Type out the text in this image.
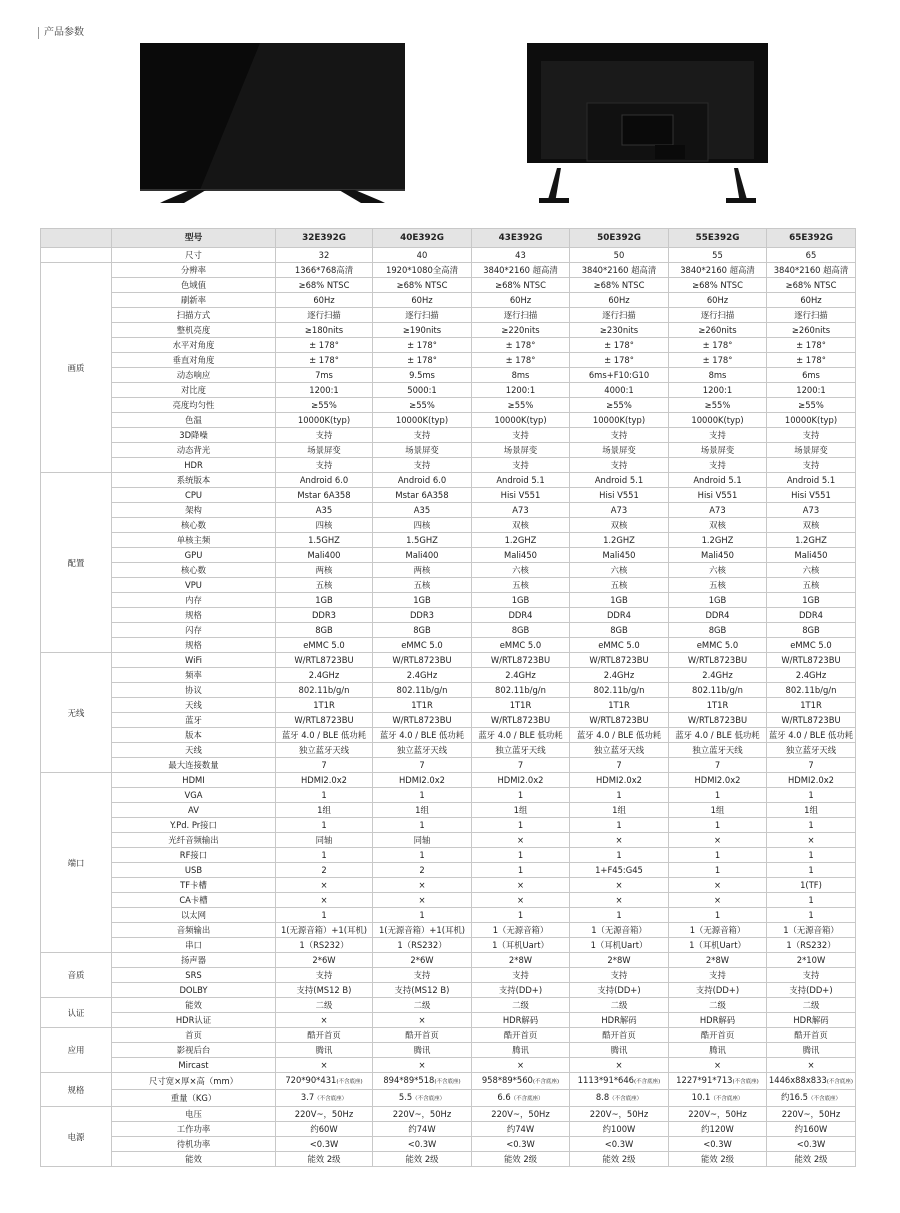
产品参数
	型号	32E392G	40E392G	43E392G	50E392G	55E392G	65E392G
	尺寸	32	40	43	50	55	65
画质	分辨率	1366*768高清	1920*1080全高清	3840*2160 超高清	3840*2160 超高清	3840*2160 超高清	3840*2160 超高清
	色域值	≥68% NTSC	≥68% NTSC	≥68% NTSC	≥68% NTSC	≥68% NTSC	≥68% NTSC
	刷新率	60Hz	60Hz	60Hz	60Hz	60Hz	60Hz
	扫描方式	逐行扫描	逐行扫描	逐行扫描	逐行扫描	逐行扫描	逐行扫描
	整机亮度	≥180nits	≥190nits	≥220nits	≥230nits	≥260nits	≥260nits
	水平对角度	± 178°	± 178°	± 178°	± 178°	± 178°	± 178°
	垂直对角度	± 178°	± 178°	± 178°	± 178°	± 178°	± 178°
	动态响应	7ms	9.5ms	8ms	6ms+F10:G10	8ms	6ms
	对比度	1200:1	5000:1	1200:1	4000:1	1200:1	1200:1
	亮度均匀性	≥55%	≥55%	≥55%	≥55%	≥55%	≥55%
	色温	10000K(typ)	10000K(typ)	10000K(typ)	10000K(typ)	10000K(typ)	10000K(typ)
	3D降噪	支持	支持	支持	支持	支持	支持
	动态背光	场景屏变	场景屏变	场景屏变	场景屏变	场景屏变	场景屏变
	HDR	支持	支持	支持	支持	支持	支持
配置	系统版本	Android 6.0	Android 6.0	Android 5.1	Android 5.1	Android 5.1	Android 5.1
	CPU	Mstar 6A358	Mstar 6A358	Hisi V551	Hisi V551	Hisi V551	Hisi V551
	架构	A35	A35	A73	A73	A73	A73
	核心数	四核	四核	双核	双核	双核	双核
	单核主频	1.5GHZ	1.5GHZ	1.2GHZ	1.2GHZ	1.2GHZ	1.2GHZ
	GPU	Mali400	Mali400	Mali450	Mali450	Mali450	Mali450
	核心数	两核	两核	六核	六核	六核	六核
	VPU	五核	五核	五核	五核	五核	五核
	内存	1GB	1GB	1GB	1GB	1GB	1GB
	规格	DDR3	DDR3	DDR4	DDR4	DDR4	DDR4
	闪存	8GB	8GB	8GB	8GB	8GB	8GB
	规格	eMMC 5.0	eMMC 5.0	eMMC 5.0	eMMC 5.0	eMMC 5.0	eMMC 5.0
无线	WiFi	W/RTL8723BU	W/RTL8723BU	W/RTL8723BU	W/RTL8723BU	W/RTL8723BU	W/RTL8723BU
	频率	2.4GHz	2.4GHz	2.4GHz	2.4GHz	2.4GHz	2.4GHz
	协议	802.11b/g/n	802.11b/g/n	802.11b/g/n	802.11b/g/n	802.11b/g/n	802.11b/g/n
	天线	1T1R	1T1R	1T1R	1T1R	1T1R	1T1R
	蓝牙	W/RTL8723BU	W/RTL8723BU	W/RTL8723BU	W/RTL8723BU	W/RTL8723BU	W/RTL8723BU
	版本	蓝牙 4.0 / BLE 低功耗	蓝牙 4.0 / BLE 低功耗	蓝牙 4.0 / BLE 低功耗	蓝牙 4.0 / BLE 低功耗	蓝牙 4.0 / BLE 低功耗	蓝牙 4.0 / BLE 低功耗
	天线	独立蓝牙天线	独立蓝牙天线	独立蓝牙天线	独立蓝牙天线	独立蓝牙天线	独立蓝牙天线
	最大连接数量	7	7	7	7	7	7
端口	HDMI	HDMI2.0x2	HDMI2.0x2	HDMI2.0x2	HDMI2.0x2	HDMI2.0x2	HDMI2.0x2
	VGA	1	1	1	1	1	1
	AV	1组	1组	1组	1组	1组	1组
	Y.Pd. Pr接口	1	1	1	1	1	1
	光纤音频输出	同轴	同轴	×	×	×	×
	RF接口	1	1	1	1	1	1
	USB	2	2	1	1+F45:G45	1	1
	TF卡槽	×	×	×	×	×	1(TF)
	CA卡槽	×	×	×	×	×	1
	以太网	1	1	1	1	1	1
	音频输出	1(无源音箱）+1(耳机)	1(无源音箱）+1(耳机)	1（无源音箱）	1（无源音箱）	1（无源音箱）	1（无源音箱）
	串口	1（RS232）	1（RS232）	1（耳机Uart）	1（耳机Uart）	1（耳机Uart）	1（RS232）
音质	扬声器	2*6W	2*6W	2*8W	2*8W	2*8W	2*10W
	SRS	支持	支持	支持	支持	支持	支持
	DOLBY	支持(MS12 B)	支持(MS12 B)	支持(DD+)	支持(DD+)	支持(DD+)	支持(DD+)
认证	能效	二级	二级	二级	二级	二级	二级
	HDR认证	×	×	HDR解码	HDR解码	HDR解码	HDR解码
应用	首页	酷开首页	酷开首页	酷开首页	酷开首页	酷开首页	酷开首页
	影视后台	腾讯	腾讯	腾讯	腾讯	腾讯	腾讯
	Mircast	×	×	×	×	×	×
规格	尺寸宽×厚×高（mm）	720*90*431(不含底座)	894*89*518(不含底座)	958*89*560(不含底座)	1113*91*646(不含底座)	1227*91*713(不含底座)	1446x88x833(不含底座)
	重量（KG）	3.7（不含底座）	5.5（不含底座）	6.6（不含底座）	8.8（不含底座）	10.1（不含底座）	约16.5（不含底座）
电源	电压	220V~，50Hz	220V~，50Hz	220V~，50Hz	220V~，50Hz	220V~，50Hz	220V~，50Hz
	工作功率	约60W	约74W	约74W	约100W	约120W	约160W
	待机功率	<0.3W	<0.3W	<0.3W	<0.3W	<0.3W	<0.3W
	能效	能效 2级	能效 2级	能效 2级	能效 2级	能效 2级	能效 2级
